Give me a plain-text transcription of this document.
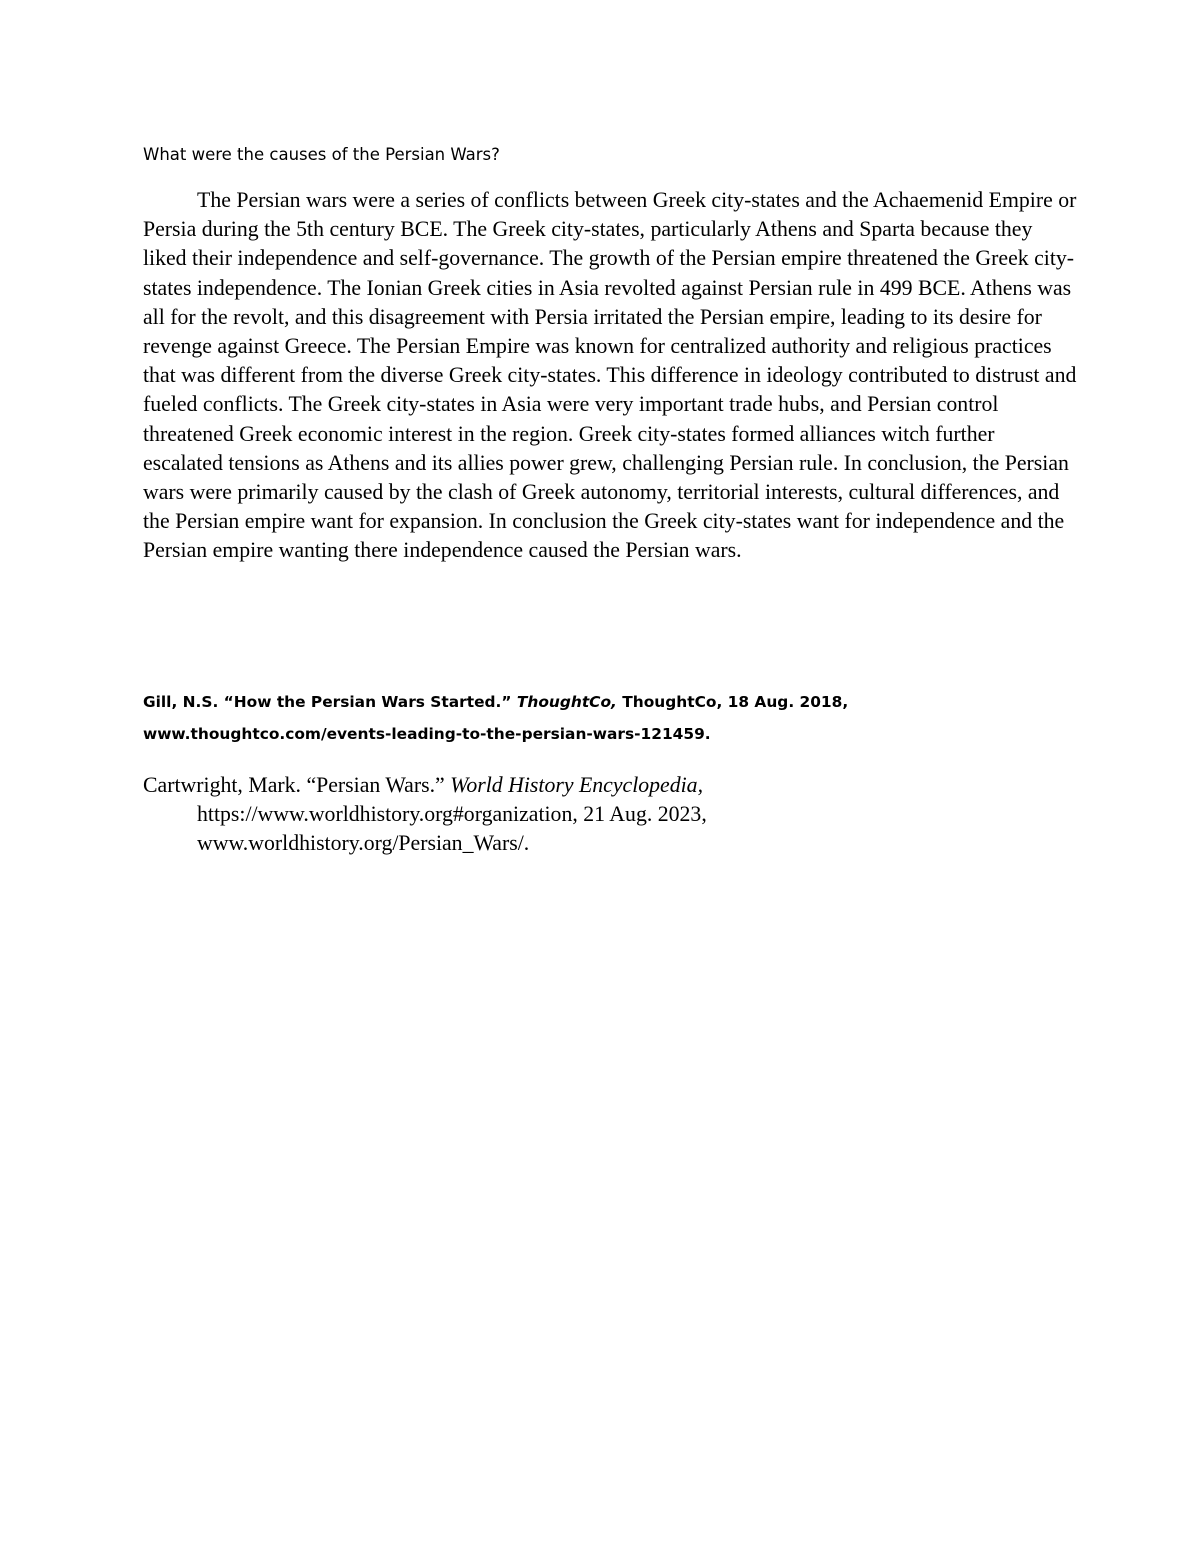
What were the causes of the Persian Wars?

The Persian wars were a series of conflicts between Greek city-states and the Achaemenid Empire or Persia during the 5th century BCE. The Greek city-states, particularly Athens and Sparta because they liked their independence and self-governance. The growth of the Persian empire threatened the Greek city-states independence. The Ionian Greek cities in Asia revolted against Persian rule in 499 BCE. Athens was all for the revolt, and this disagreement with Persia irritated the Persian empire, leading to its desire for revenge against Greece. The Persian Empire was known for centralized authority and religious practices that was different from the diverse Greek city-states. This difference in ideology contributed to distrust and fueled conflicts. The Greek city-states in Asia were very important trade hubs, and Persian control threatened Greek economic interest in the region. Greek city-states formed alliances witch further escalated tensions as Athens and its allies power grew, challenging Persian rule. In conclusion, the Persian wars were primarily caused by the clash of Greek autonomy, territorial interests, cultural differences, and the Persian empire want for expansion. In conclusion the Greek city-states want for independence and the Persian empire wanting there independence caused the Persian wars.

Gill, N.S. “How the Persian Wars Started.” ThoughtCo, ThoughtCo, 18 Aug. 2018,
www.thoughtco.com/events-leading-to-the-persian-wars-121459.

Cartwright, Mark. “Persian Wars.” World History Encyclopedia,
https://www.worldhistory.org#organization, 21 Aug. 2023,
www.worldhistory.org/Persian_Wars/.
